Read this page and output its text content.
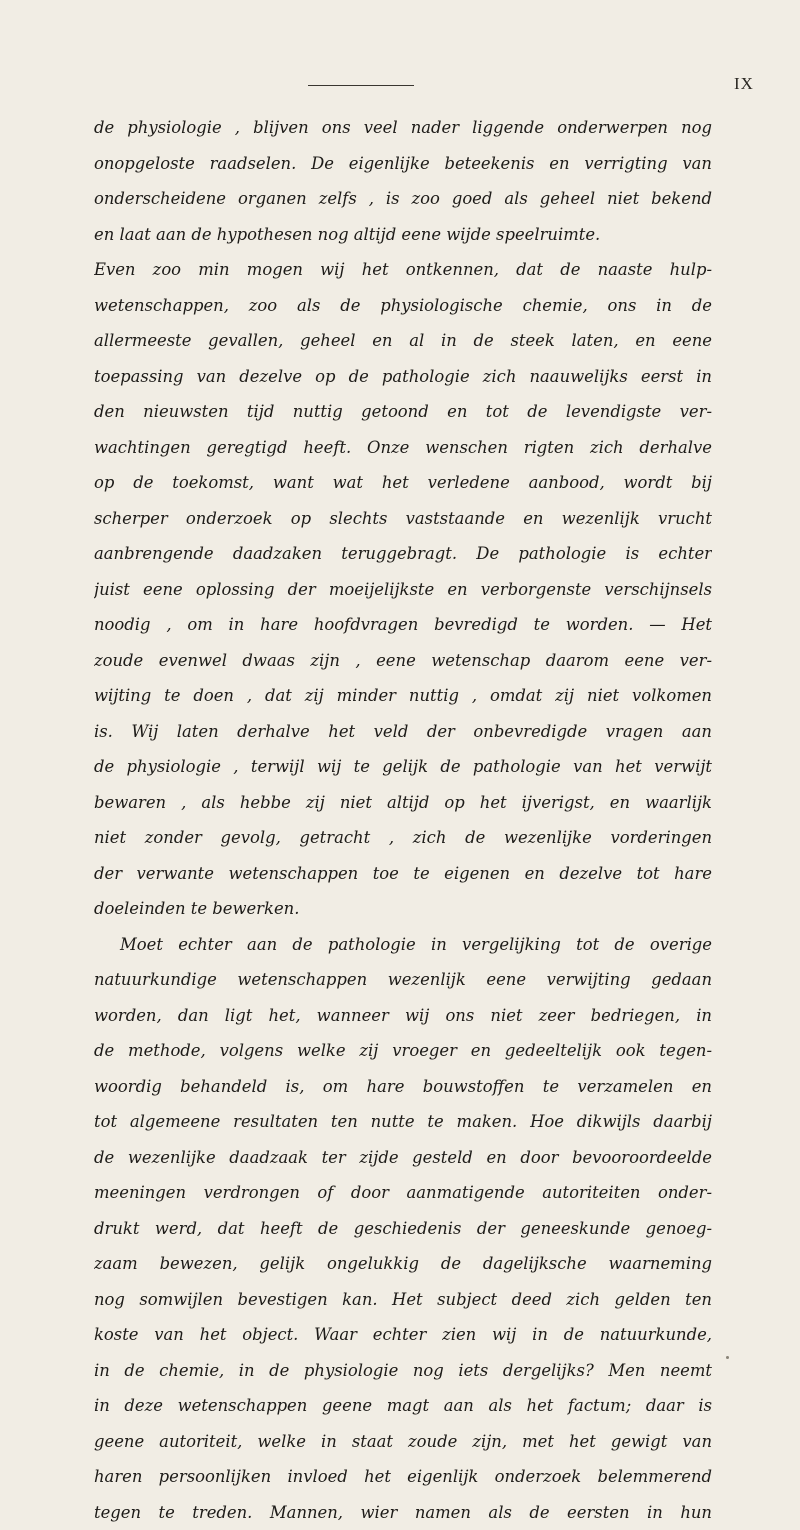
IX
de physiologie , blijven ons veel nader liggende onderwerpen nog
onopgeloste raadselen. De eigenlijke beteekenis en verrigting van
onderscheidene organen zelfs , is zoo goed als geheel niet bekend
en laat aan de hypothesen nog altijd eene wijde speelruimte.
Even zoo min mogen wij het ontkennen, dat de naaste hulp-
wetenschappen, zoo als de physiologische chemie, ons in de
allermeeste gevallen, geheel en al in de steek laten, en eene
toepassing van dezelve op de pathologie zich naauwelijks eerst in
den nieuwsten tijd nuttig getoond en tot de levendigste ver-
wachtingen geregtigd heeft. Onze wenschen rigten zich derhalve
op de toekomst, want wat het verledene aanbood, wordt bij
scherper onderzoek op slechts vaststaande en wezenlijk vrucht
aanbrengende daadzaken teruggebragt. De pathologie is echter
juist eene oplossing der moeijelijkste en verborgenste verschijnsels
noodig , om in hare hoofdvragen bevredigd te worden. — Het
zoude evenwel dwaas zijn , eene wetenschap daarom eene ver-
wijting te doen , dat zij minder nuttig , omdat zij niet volkomen
is. Wij laten derhalve het veld der onbevredigde vragen aan
de physiologie , terwijl wij te gelijk de pathologie van het verwijt
bewaren , als hebbe zij niet altijd op het ijverigst, en waarlijk
niet zonder gevolg, getracht , zich de wezenlijke vorderingen
der verwante wetenschappen toe te eigenen en dezelve tot hare
doeleinden te bewerken.
Moet echter aan de pathologie in vergelijking tot de overige
natuurkundige wetenschappen wezenlijk eene verwijting gedaan
worden, dan ligt het, wanneer wij ons niet zeer bedriegen, in
de methode, volgens welke zij vroeger en gedeeltelijk ook tegen-
woordig behandeld is, om hare bouwstoffen te verzamelen en
tot algemeene resultaten ten nutte te maken. Hoe dikwijls daarbij
de wezenlijke daadzaak ter zijde gesteld en door bevooroordeelde
meeningen verdrongen of door aanmatigende autoriteiten onder-
drukt werd, dat heeft de geschiedenis der geneeskunde genoeg-
zaam bewezen, gelijk ongelukkig de dagelijksche waarneming
nog somwijlen bevestigen kan. Het subject deed zich gelden ten
koste van het object. Waar echter zien wij in de natuurkunde,
in de chemie, in de physiologie nog iets dergelijks? Men neemt
in deze wetenschappen geene magt aan als het factum; daar is
geene autoriteit, welke in staat zoude zijn, met het gewigt van
haren persoonlijken invloed het eigenlijk onderzoek belemmerend
tegen te treden. Mannen, wier namen als de eersten in hun
